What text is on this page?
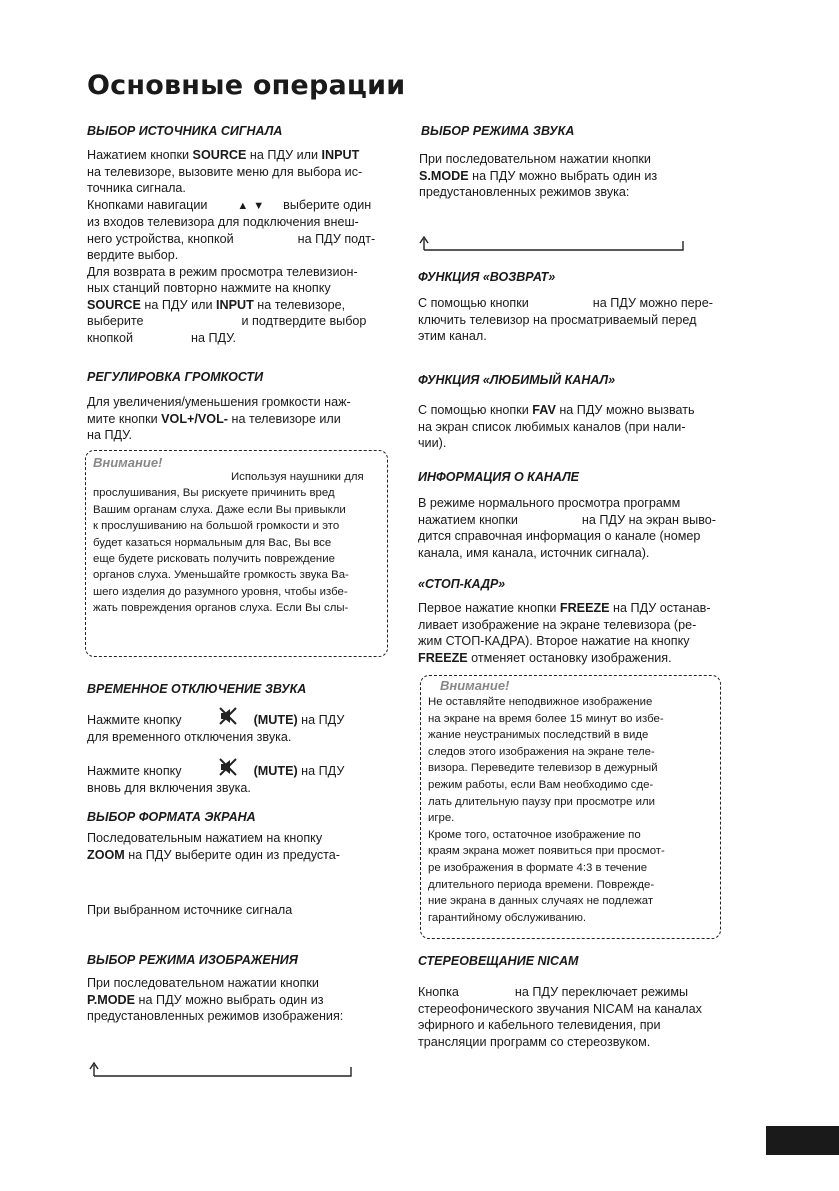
Основные операции
ВЫБОР ИСТОЧНИКА СИГНАЛА
Нажатием кнопки SOURCE на ПДУ или INPUT
на телевизоре, вызовите меню для выбора ис-
точника сигнала.
Кнопками навигации	▲▼ выберите один
из входов телевизора для подключения внеш-
него устройства, кнопкой	на ПДУ подт-
вердите выбор.
Для возврата в режим просмотра телевизион-
ных станций повторно нажмите на кнопку
SOURCE на ПДУ или INPUT на телевизоре,
выберите	и подтвердите выбор
кнопкой	на ПДУ.
РЕГУЛИРОВКА ГРОМКОСТИ
Для увеличения/уменьшения громкости наж-
мите кнопки VOL+/VOL- на телевизоре или
на ПДУ.
Внимание!
Используя наушники для
прослушивания, Вы рискуете причинить вред
Вашим органам слуха. Даже если Вы привыкли
к прослушиванию на большой громкости и это
будет казаться нормальным для Вас, Вы все
еще будете рисковать получить повреждение
органов слуха. Уменьшайте громкость звука Ва-
шего изделия до разумного уровня, чтобы избе-
жать повреждения органов слуха. Если Вы слы-
ВРЕМЕННОЕ ОТКЛЮЧЕНИЕ ЗВУКА
Нажмите кнопку	(MUTE) на ПДУ
для временного отключения звука.
Нажмите кнопку	(MUTE) на ПДУ
вновь для включения звука.
ВЫБОР ФОРМАТА ЭКРАНА
Последовательным нажатием на кнопку
ZOOM на ПДУ выберите один из предуста-
При выбранном источнике сигнала
ВЫБОР РЕЖИМА ИЗОБРАЖЕНИЯ
При последовательном нажатии кнопки
P.MODE на ПДУ можно выбрать один из
предустановленных режимов изображения:
ВЫБОР РЕЖИМА ЗВУКА
При последовательном нажатии кнопки
S.MODE на ПДУ можно выбрать один из
предустановленных режимов звука:
ФУНКЦИЯ «ВОЗВРАТ»
С помощью кнопки	на ПДУ можно пере-
ключить телевизор на просматриваемый перед
этим канал.
ФУНКЦИЯ «ЛЮБИМЫЙ КАНАЛ»
С помощью кнопки FAV на ПДУ можно вызвать
на экран список любимых каналов (при нали-
чии).
ИНФОРМАЦИЯ О КАНАЛЕ
В режиме нормального просмотра программ
нажатием кнопки	на ПДУ на экран выво-
дится справочная информация о канале (номер
канала, имя канала, источник сигнала).
«СТОП-КАДР»
Первое нажатие кнопки FREEZE на ПДУ останав-
ливает изображение на экране телевизора (ре-
жим СТОП-КАДРА). Второе нажатие на кнопку
FREEZE отменяет остановку изображения.
Внимание!
Не оставляйте неподвижное изображение
на экране на время более 15 минут во избе-
жание неустранимых последствий в виде
следов этого изображения на экране теле-
визора. Переведите телевизор в дежурный
режим работы, если Вам необходимо сде-
лать длительную паузу при просмотре или
игре.
Кроме того, остаточное изображение по
краям экрана может появиться при просмот-
ре изображения в формате 4:3 в течение
длительного периода времени. Поврежде-
ние экрана в данных случаях не подлежат
гарантийному обслуживанию.
СТЕРЕОВЕЩАНИЕ NICAM
Кнопка	на ПДУ переключает режимы
стереофонического звучания NICAM на каналах
эфирного и кабельного телевидения, при
трансляции программ со стереозвуком.
